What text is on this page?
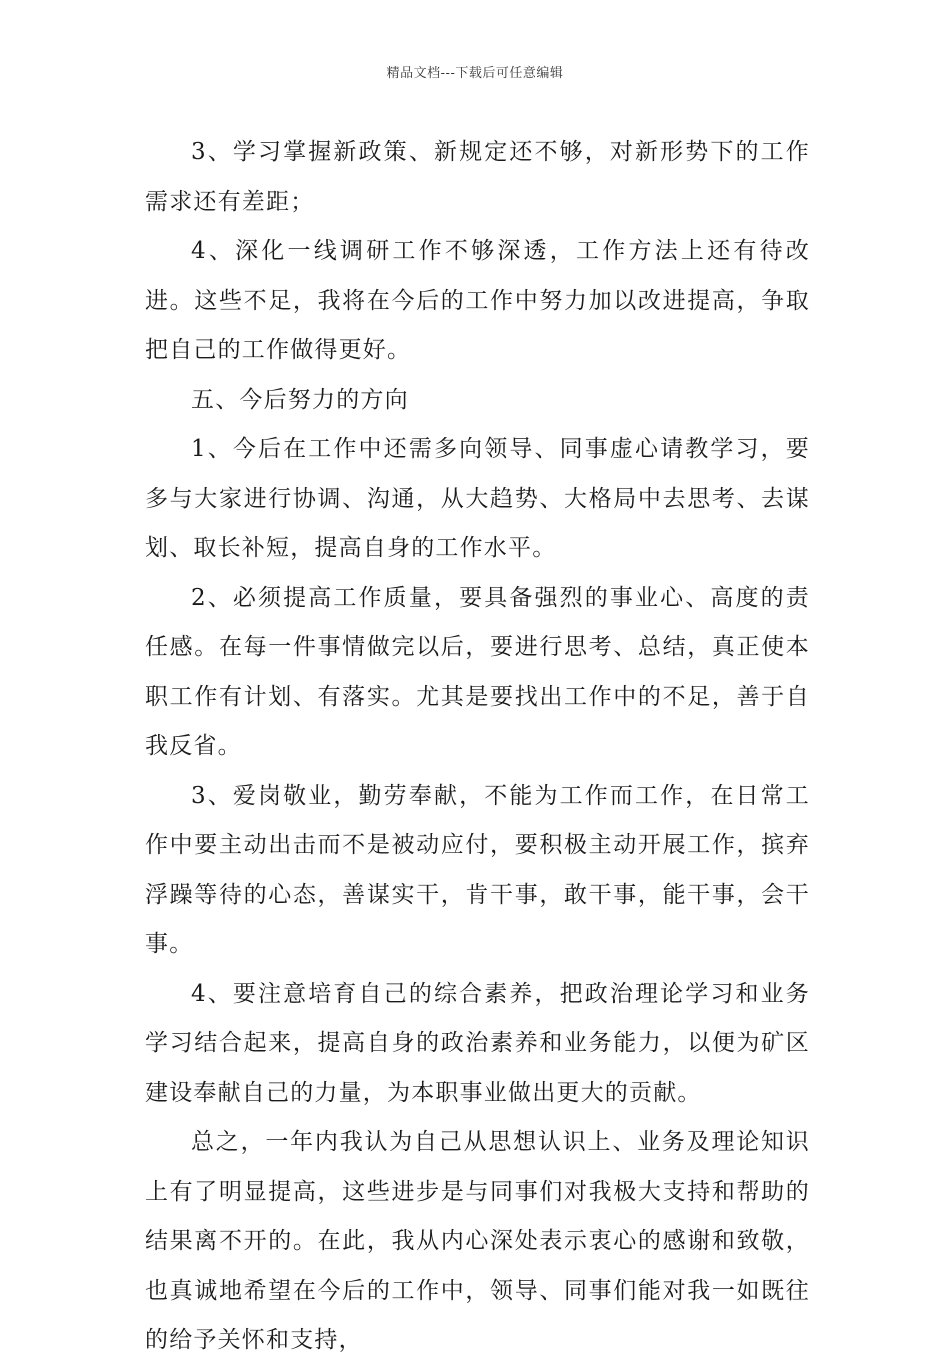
精品文档---下载后可任意编辑

3、学习掌握新政策、新规定还不够，对新形势下的工作需求还有差距；

4、深化一线调研工作不够深透，工作方法上还有待改进。这些不足，我将在今后的工作中努力加以改进提高，争取把自己的工作做得更好。

五、今后努力的方向

1、今后在工作中还需多向领导、同事虚心请教学习，要多与大家进行协调、沟通，从大趋势、大格局中去思考、去谋划、取长补短，提高自身的工作水平。

2、必须提高工作质量，要具备强烈的事业心、高度的责任感。在每一件事情做完以后，要进行思考、总结，真正使本职工作有计划、有落实。尤其是要找出工作中的不足，善于自我反省。

3、爱岗敬业，勤劳奉献，不能为工作而工作，在日常工作中要主动出击而不是被动应付，要积极主动开展工作，摈弃浮躁等待的心态，善谋实干，肯干事，敢干事，能干事，会干事。

4、要注意培育自己的综合素养，把政治理论学习和业务学习结合起来，提高自身的政治素养和业务能力，以便为矿区建设奉献自己的力量，为本职事业做出更大的贡献。

总之，一年内我认为自己从思想认识上、业务及理论知识上有了明显提高，这些进步是与同事们对我极大支持和帮助的结果离不开的。在此，我从内心深处表示衷心的感谢和致敬，也真诚地希望在今后的工作中，领导、同事们能对我一如既往的给予关怀和支持，
